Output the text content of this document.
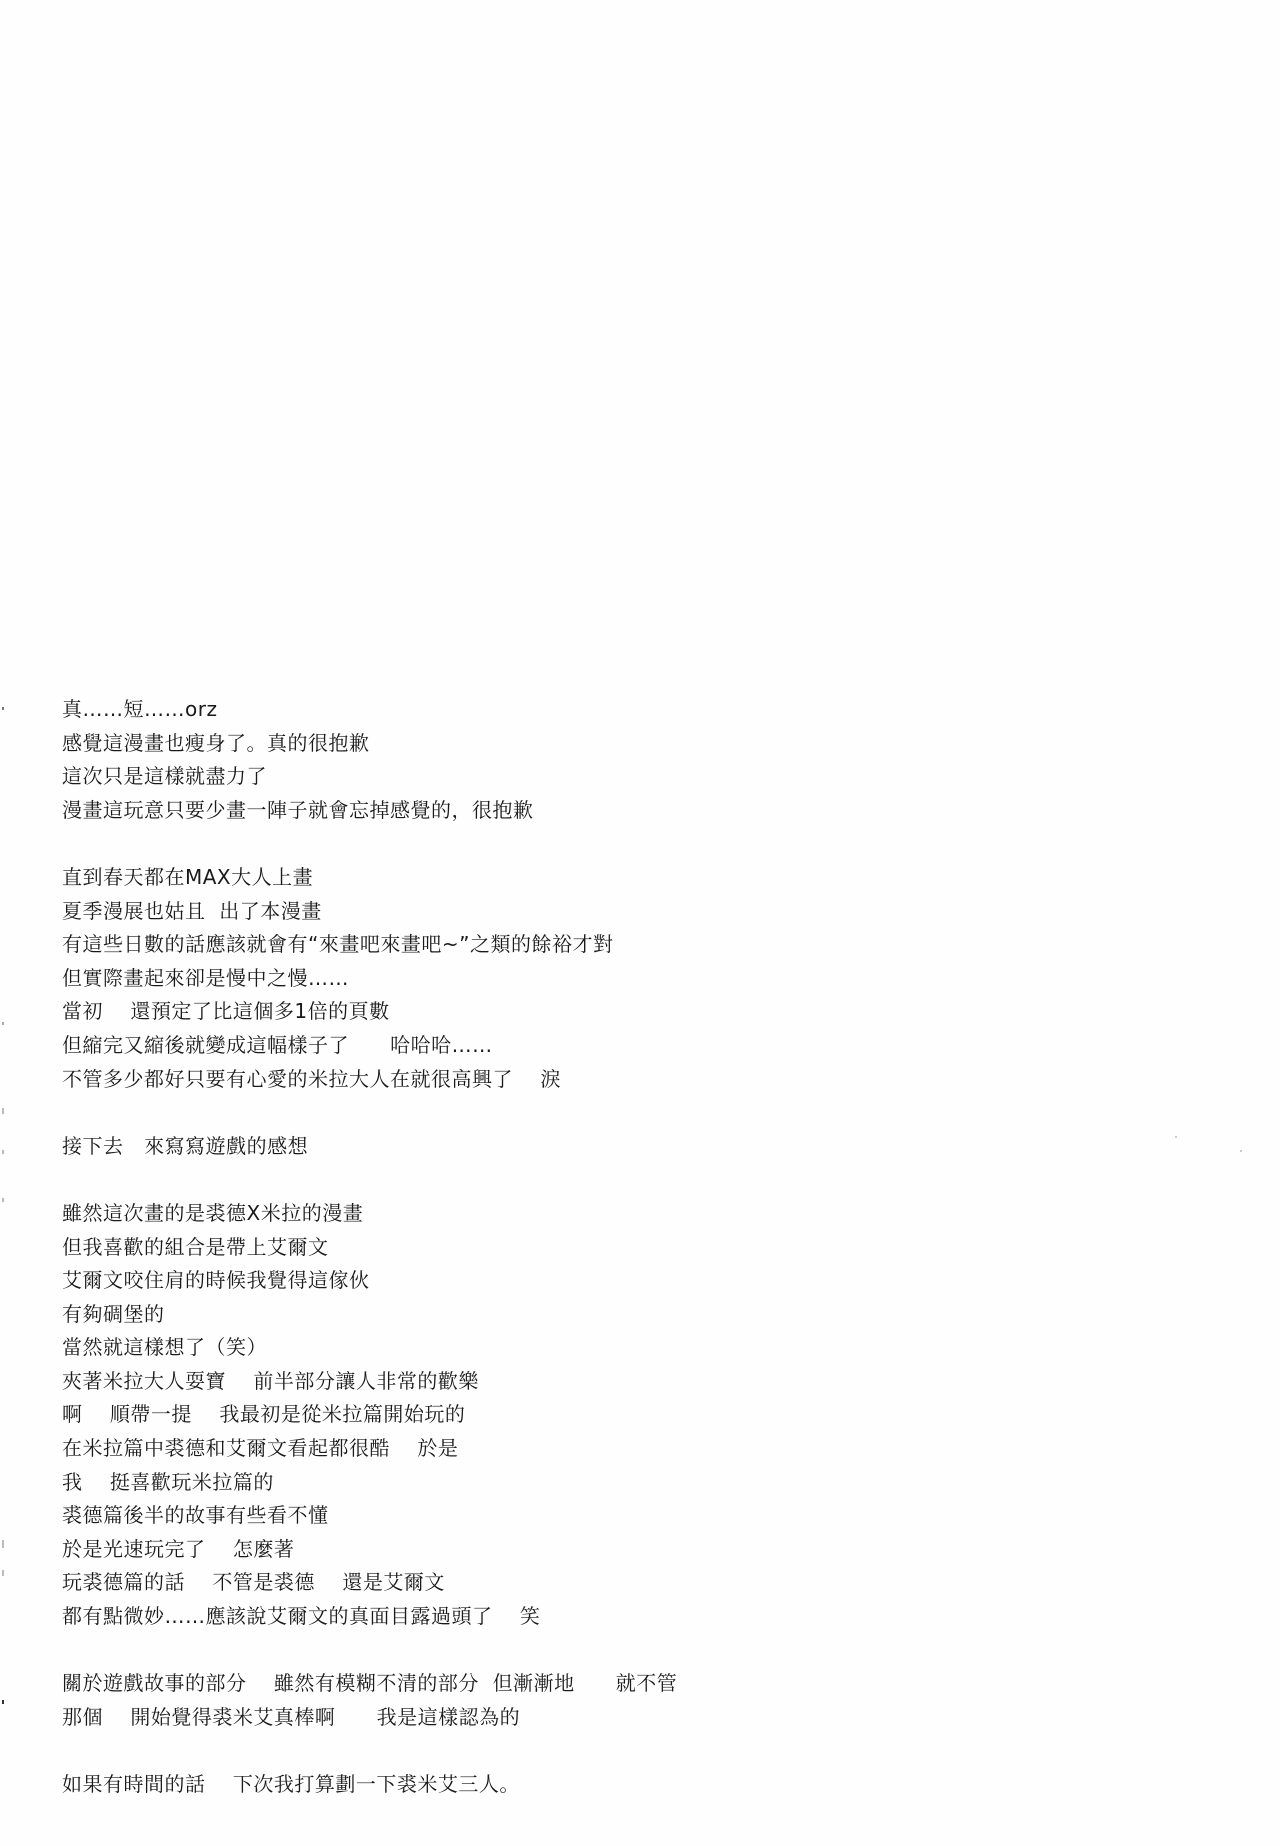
真……短……orz
感覺這漫畫也瘦身了。真的很抱歉
這次只是這樣就盡力了
漫畫這玩意只要少畫一陣子就會忘掉感覺的，很抱歉
直到春天都在MAX大人上畫
夏季漫展也姑且  出了本漫畫
有這些日數的話應該就會有“來畫吧來畫吧~”之類的餘裕才對
但實際畫起來卻是慢中之慢……
當初    還預定了比這個多1倍的頁數
但縮完又縮後就變成這幅樣子了      哈哈哈……
不管多少都好只要有心愛的米拉大人在就很高興了    淚
接下去   來寫寫遊戲的感想
雖然這次畫的是裘德X米拉的漫畫
但我喜歡的組合是帶上艾爾文
艾爾文咬住肩的時候我覺得這傢伙
有夠碉堡的
當然就這樣想了（笑）
夾著米拉大人耍寶    前半部分讓人非常的歡樂
啊    順帶一提    我最初是從米拉篇開始玩的
在米拉篇中裘德和艾爾文看起都很酷    於是
我    挺喜歡玩米拉篇的
裘德篇後半的故事有些看不懂
於是光速玩完了    怎麼著
玩裘德篇的話    不管是裘德    還是艾爾文
都有點微妙……應該說艾爾文的真面目露過頭了    笑
關於遊戲故事的部分    雖然有模糊不清的部分  但漸漸地      就不管
那個    開始覺得裘米艾真棒啊      我是這樣認為的
如果有時間的話    下次我打算劃一下裘米艾三人。
